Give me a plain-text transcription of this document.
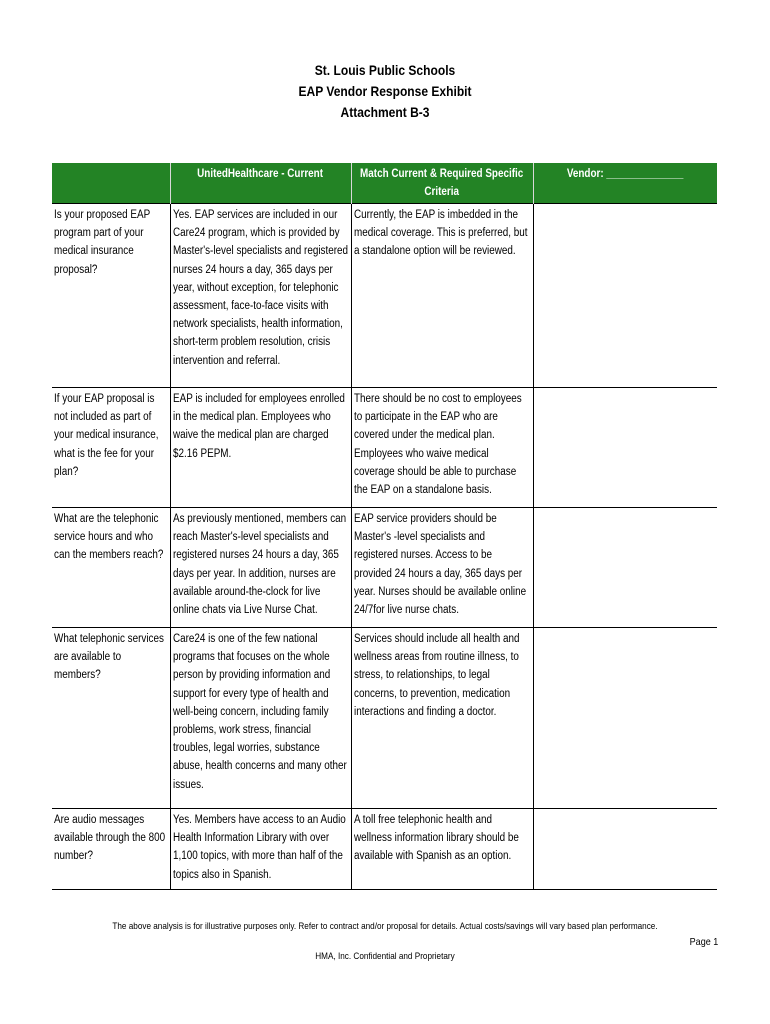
St. Louis Public Schools
EAP Vendor Response Exhibit
Attachment B-3

	UnitedHealthcare - Current	Match Current & Required Specific Criteria	Vendor: ______________

Is your proposed EAP program part of your medical insurance proposal?	Yes. EAP services are included in our Care24 program, which is provided by Master's-level specialists and registered nurses 24 hours a day, 365 days per year, without exception, for telephonic assessment, face-to-face visits with network specialists, health information, short-term problem resolution, crisis intervention and referral.	Currently, the EAP is imbedded in the medical coverage. This is preferred, but a standalone option will be reviewed.	

If your EAP proposal is not included as part of your medical insurance, what is the fee for your plan?	EAP is included for employees enrolled in the medical plan. Employees who waive the medical plan are charged $2.16 PEPM.	There should be no cost to employees to participate in the EAP who are covered under the medical plan. Employees who waive medical coverage should be able to purchase the EAP on a standalone basis.	

What are the telephonic service hours and who can the members reach?	As previously mentioned, members can reach Master's-level specialists and registered nurses 24 hours a day, 365 days per year. In addition, nurses are available around-the-clock for live online chats via Live Nurse Chat.	EAP service providers should be Master's -level specialists and registered nurses. Access to be provided 24 hours a day, 365 days per year. Nurses should be available online 24/7for live nurse chats.	

What telephonic services are available to members?	Care24 is one of the few national programs that focuses on the whole person by providing information and support for every type of health and well-being concern, including family problems, work stress, financial troubles, legal worries, substance abuse, health concerns and many other issues.	Services should include all health and wellness areas from routine illness, to stress, to relationships, to legal concerns, to prevention, medication interactions and finding a doctor.	

Are audio messages available through the 800 number?	Yes. Members have access to an Audio Health Information Library with over 1,100 topics, with more than half of the topics also in Spanish.	A toll free telephonic health and wellness information library should be available with Spanish as an option.	

The above analysis is for illustrative purposes only. Refer to contract and/or proposal for details. Actual costs/savings will vary based plan performance.
Page 1
HMA, Inc. Confidential and Proprietary
